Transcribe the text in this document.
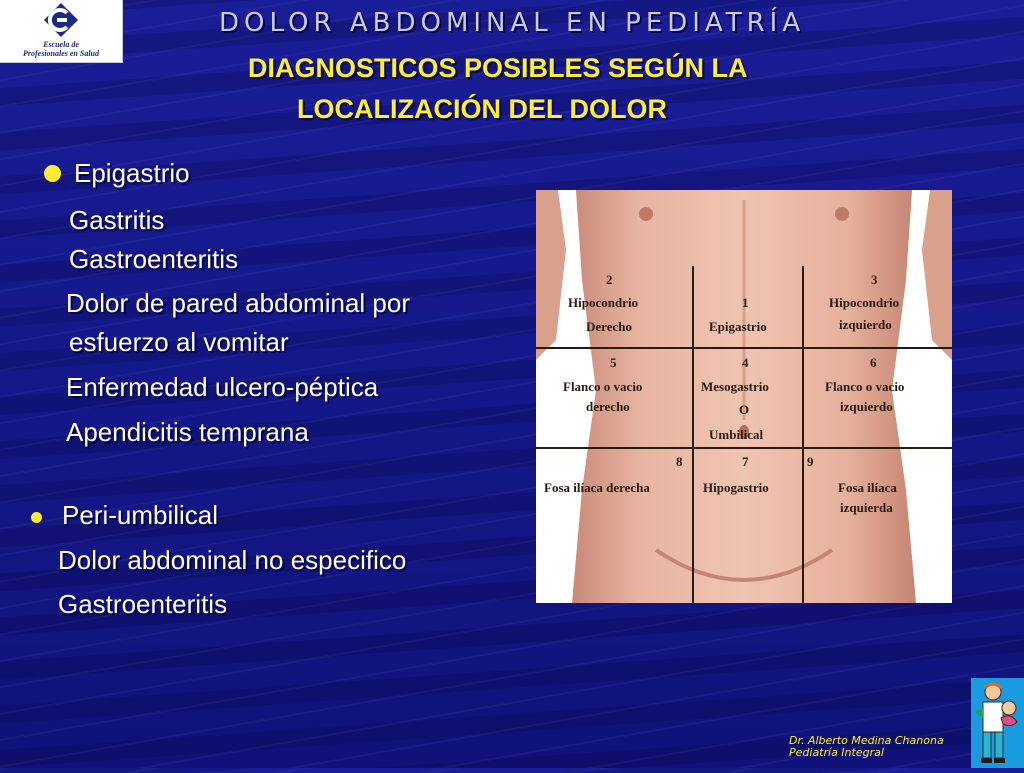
Escuela de
Profesionales en Salud
DOLOR ABDOMINAL EN PEDIATRÍA
DIAGNOSTICOS POSIBLES SEGÚN LA
LOCALIZACIÓN DEL DOLOR
Epigastrio
Gastritis
Gastroenteritis
Dolor de pared abdominal por
esfuerzo al vomitar
Enfermedad ulcero-péptica
Apendicitis temprana
Peri-umbilical
Dolor abdominal no especifico
Gastroenteritis
2
Hipocondrio
Derecho
1
Epigastrio
3
Hipocondrio
izquierdo
5
Flanco o vacio
derecho
4
Mesogastrio
O
Umbilical
6
Flanco o vacio
izquierdo
8
Fosa ilíaca derecha
7
Hipogastrio
9
Fosa ilíaca
izquierda
Dr. Alberto Medina Chanona
Pediatría Integral
